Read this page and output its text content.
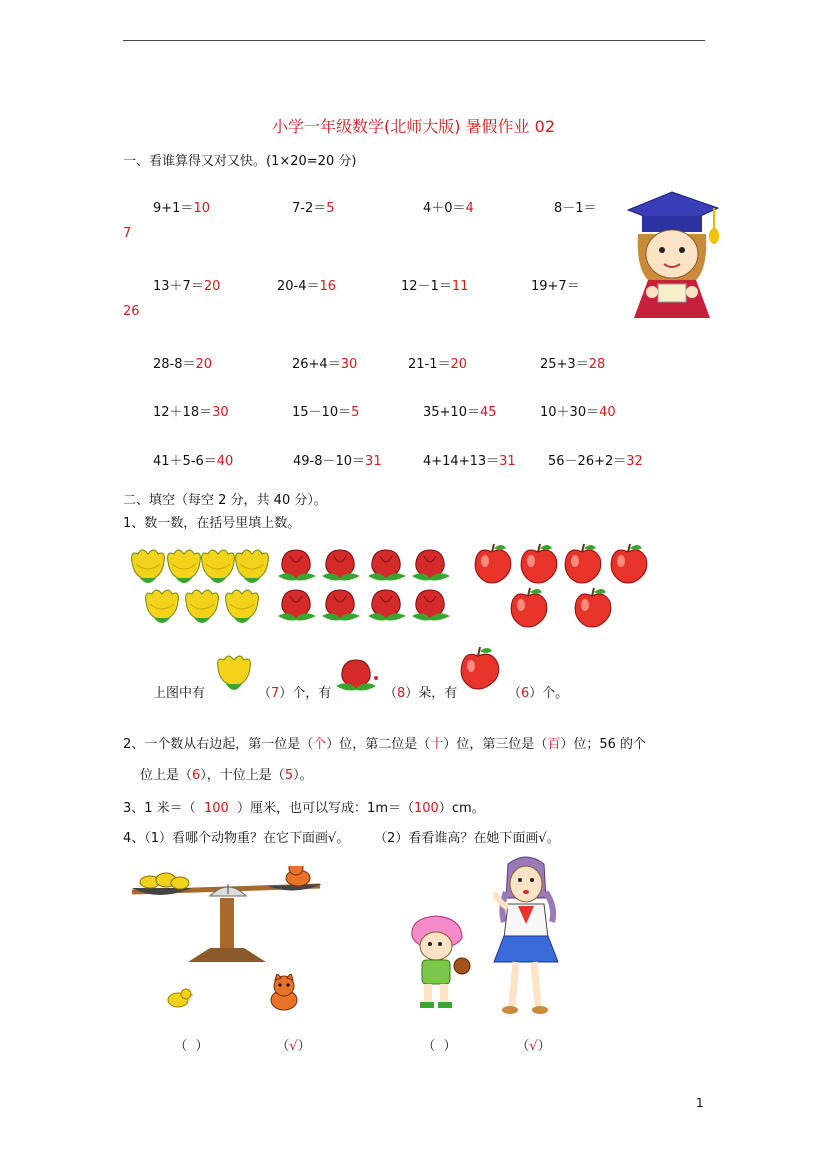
小学一年级数学(北师大版) 暑假作业 02
一、看谁算得又对又快。(1×20=20 分)
9+1＝10	7-2＝5	4＋0＝4	8－1＝
7
13＋7＝20	20-4＝16	12－1＝11	19+7＝
26
28-8＝20	26+4＝30	21-1＝20	25+3＝28
12＋18＝30	15－10＝5	35+10＝45	10＋30＝40
41＋5-6＝40	49-8－10＝31	4+14+13＝31 56－26+2＝32
二、填空（每空 2 分，共 40 分）。
1、数一数，在括号里填上数。
上图中有	（7）个，有	（8）朵，有	（6）个。
2、一个数从右边起，第一位是（个）位，第二位是（十）位，第三位是（百）位；56 的个
位上是（6），十位上是（5）。
3、1 米＝（  100  ）厘米，也可以写成：1m＝（100）cm。
4、（1）看哪个动物重？在它下面画√。      （2）看看谁高？在她下面画√。

（ ）	（√）	（ ）	（√）

1
